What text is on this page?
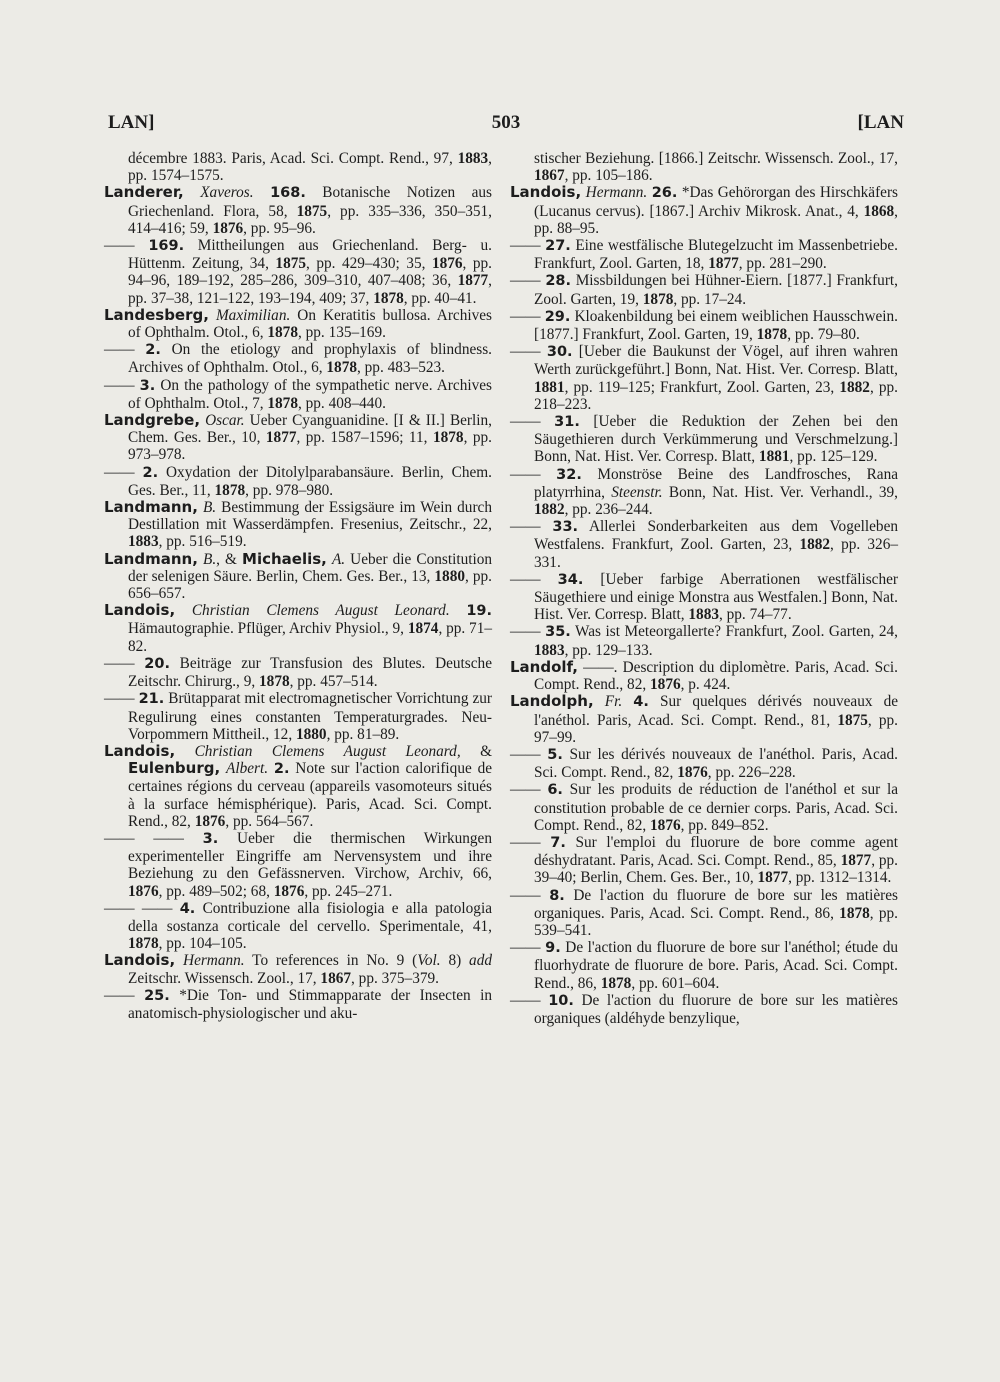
LAN]	503	[LAN

décembre 1883. Paris, Acad. Sci. Compt. Rend., 97, 1883, pp. 1574–1575.

Landerer, Xaveros. 168. Botanische Notizen aus Griechenland. Flora, 58, 1875, pp. 335–336, 350–351, 414–416; 59, 1876, pp. 95–96.

—— 169. Mittheilungen aus Griechenland. Berg- u. Hüttenm. Zeitung, 34, 1875, pp. 429–430; 35, 1876, pp. 94–96, 189–192, 285–286, 309–310, 407–408; 36, 1877, pp. 37–38, 121–122, 193–194, 409; 37, 1878, pp. 40–41.

Landesberg, Maximilian. On Keratitis bullosa. Archives of Ophthalm. Otol., 6, 1878, pp. 135–169.

—— 2. On the etiology and prophylaxis of blindness. Archives of Ophthalm. Otol., 6, 1878, pp. 483–523.

—— 3. On the pathology of the sympathetic nerve. Archives of Ophthalm. Otol., 7, 1878, pp. 408–440.

Landgrebe, Oscar. Ueber Cyanguanidine. [I & II.] Berlin, Chem. Ges. Ber., 10, 1877, pp. 1587–1596; 11, 1878, pp. 973–978.

—— 2. Oxydation der Ditolylparabansäure. Berlin, Chem. Ges. Ber., 11, 1878, pp. 978–980.

Landmann, B. Bestimmung der Essigsäure im Wein durch Destillation mit Wasserdämpfen. Fresenius, Zeitschr., 22, 1883, pp. 516–519.

Landmann, B., & Michaelis, A. Ueber die Constitution der selenigen Säure. Berlin, Chem. Ges. Ber., 13, 1880, pp. 656–657.

Landois, Christian Clemens August Leonard. 19. Hämautographie. Pflüger, Archiv Physiol., 9, 1874, pp. 71–82.

—— 20. Beiträge zur Transfusion des Blutes. Deutsche Zeitschr. Chirurg., 9, 1878, pp. 457–514.

—— 21. Brütapparat mit electromagnetischer Vorrichtung zur Regulirung eines constanten Temperaturgrades. Neu-Vorpommern Mittheil., 12, 1880, pp. 81–89.

Landois, Christian Clemens August Leonard, & Eulenburg, Albert. 2. Note sur l'action calorifique de certaines régions du cerveau (appareils vasomoteurs situés à la surface hémisphérique). Paris, Acad. Sci. Compt. Rend., 82, 1876, pp. 564–567.

—— —— 3. Ueber die thermischen Wirkungen experimenteller Eingriffe am Nervensystem und ihre Beziehung zu den Gefässnerven. Virchow, Archiv, 66, 1876, pp. 489–502; 68, 1876, pp. 245–271.

—— —— 4. Contribuzione alla fisiologia e alla patologia della sostanza corticale del cervello. Sperimentale, 41, 1878, pp. 104–105.

Landois, Hermann. To references in No. 9 (Vol. 8) add Zeitschr. Wissensch. Zool., 17, 1867, pp. 375–379.

—— 25. *Die Ton- und Stimmapparate der Insecten in anatomisch-physiologischer und aku-

stischer Beziehung. [1866.] Zeitschr. Wissensch. Zool., 17, 1867, pp. 105–186.

Landois, Hermann. 26. *Das Gehörorgan des Hirschkäfers (Lucanus cervus). [1867.] Archiv Mikrosk. Anat., 4, 1868, pp. 88–95.

—— 27. Eine westfälische Blutegelzucht im Massenbetriebe. Frankfurt, Zool. Garten, 18, 1877, pp. 281–290.

—— 28. Missbildungen bei Hühner-Eiern. [1877.] Frankfurt, Zool. Garten, 19, 1878, pp. 17–24.

—— 29. Kloakenbildung bei einem weiblichen Hausschwein. [1877.] Frankfurt, Zool. Garten, 19, 1878, pp. 79–80.

—— 30. [Ueber die Baukunst der Vögel, auf ihren wahren Werth zurückgeführt.] Bonn, Nat. Hist. Ver. Corresp. Blatt, 1881, pp. 119–125; Frankfurt, Zool. Garten, 23, 1882, pp. 218–223.

—— 31. [Ueber die Reduktion der Zehen bei den Säugethieren durch Verkümmerung und Verschmelzung.] Bonn, Nat. Hist. Ver. Corresp. Blatt, 1881, pp. 125–129.

—— 32. Monströse Beine des Landfrosches, Rana platyrrhina, Steenstr. Bonn, Nat. Hist. Ver. Verhandl., 39, 1882, pp. 236–244.

—— 33. Allerlei Sonderbarkeiten aus dem Vogelleben Westfalens. Frankfurt, Zool. Garten, 23, 1882, pp. 326–331.

—— 34. [Ueber farbige Aberrationen westfälischer Säugethiere und einige Monstra aus Westfalen.] Bonn, Nat. Hist. Ver. Corresp. Blatt, 1883, pp. 74–77.

—— 35. Was ist Meteorgallerte? Frankfurt, Zool. Garten, 24, 1883, pp. 129–133.

Landolf, ——. Description du diplomètre. Paris, Acad. Sci. Compt. Rend., 82, 1876, p. 424.

Landolph, Fr. 4. Sur quelques dérivés nouveaux de l'anéthol. Paris, Acad. Sci. Compt. Rend., 81, 1875, pp. 97–99.

—— 5. Sur les dérivés nouveaux de l'anéthol. Paris, Acad. Sci. Compt. Rend., 82, 1876, pp. 226–228.

—— 6. Sur les produits de réduction de l'anéthol et sur la constitution probable de ce dernier corps. Paris, Acad. Sci. Compt. Rend., 82, 1876, pp. 849–852.

—— 7. Sur l'emploi du fluorure de bore comme agent déshydratant. Paris, Acad. Sci. Compt. Rend., 85, 1877, pp. 39–40; Berlin, Chem. Ges. Ber., 10, 1877, pp. 1312–1314.

—— 8. De l'action du fluorure de bore sur les matières organiques. Paris, Acad. Sci. Compt. Rend., 86, 1878, pp. 539–541.

—— 9. De l'action du fluorure de bore sur l'anéthol; étude du fluorhydrate de fluorure de bore. Paris, Acad. Sci. Compt. Rend., 86, 1878, pp. 601–604.

—— 10. De l'action du fluorure de bore sur les matières organiques (aldéhyde benzylique,
